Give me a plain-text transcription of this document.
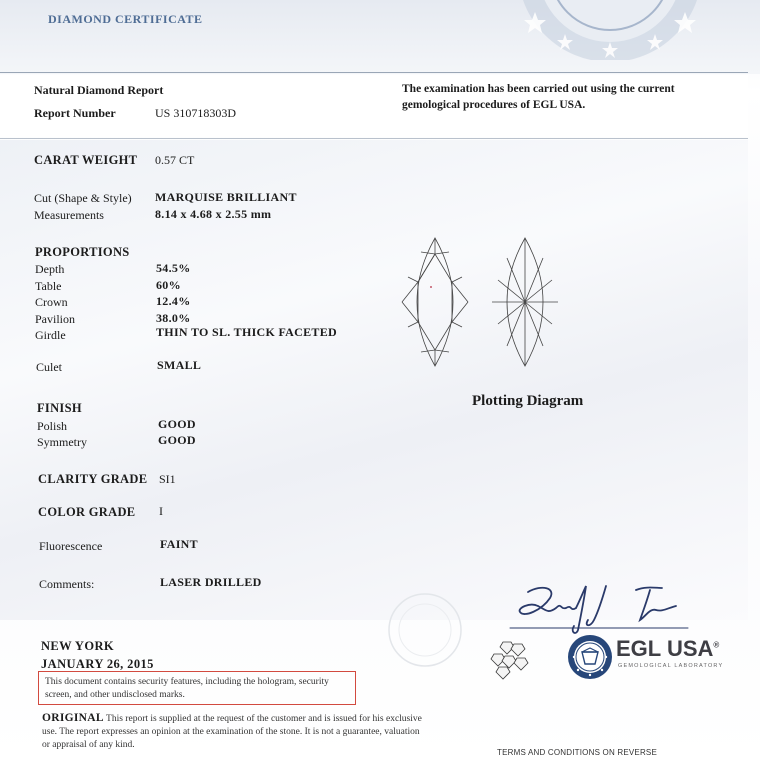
DIAMOND CERTIFICATE
Natural Diamond Report
Report Number	US 310718303D
The examination has been carried out using the current gemological procedures of EGL USA.
CARAT WEIGHT 0.57 CT
Cut (Shape & Style) MARQUISE BRILLIANT
Measurements	8.14 x 4.68 x 2.55 mm
PROPORTIONS
Depth	54.5%
Table	60%
Crown	12.4%
Pavilion	38.0%
Girdle	THIN TO SL. THICK FACETED
Culet	SMALL
FINISH
Polish	GOOD
Symmetry	GOOD
CLARITY GRADE SI1
COLOR GRADE I
Fluorescence	FAINT
Comments:	LASER DRILLED
Plotting Diagram
EGL USA®
GEMOLOGICAL LABORATORY
NEW YORK
JANUARY 26, 2015
This document contains security features, including the hologram, security screen, and other undisclosed marks.
ORIGINAL This report is supplied at the request of the customer and is issued for his exclusive use. The report expresses an opinion at the examination of the stone. It is not a guarantee, valuation or appraisal of any kind.
TERMS AND CONDITIONS ON REVERSE
